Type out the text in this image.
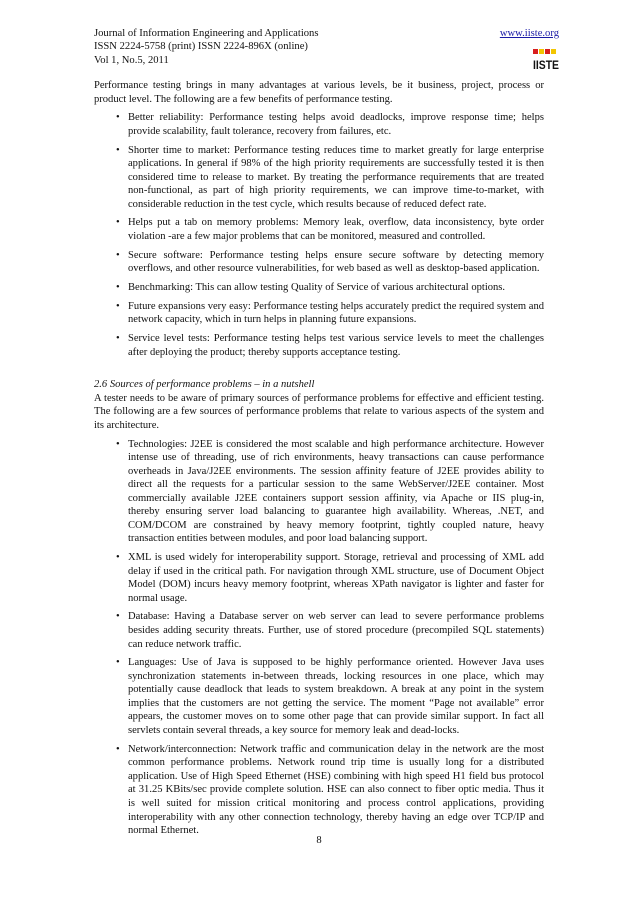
Journal of Information Engineering and Applications
ISSN 2224-5758 (print) ISSN 2224-896X (online)
Vol 1, No.5, 2011
www.iiste.org
IISTE

Performance testing brings in many advantages at various levels, be it business, project, process or product level. The following are a few benefits of performance testing.

• Better reliability: Performance testing helps avoid deadlocks, improve response time; helps provide scalability, fault tolerance, recovery from failures, etc.
• Shorter time to market: Performance testing reduces time to market greatly for large enterprise applications. In general if 98% of the high priority requirements are successfully tested it is then considered time to release to market. By treating the performance requirements that are treated non-functional, as part of high priority requirements, we can improve time-to-market, with considerable reduction in the test cycle, which results because of reduced defect rate.
• Helps put a tab on memory problems: Memory leak, overflow, data inconsistency, byte order violation -are a few major problems that can be monitored, measured and controlled.
• Secure software: Performance testing helps ensure secure software by detecting memory overflows, and other resource vulnerabilities, for web based as well as desktop-based application.
• Benchmarking: This can allow testing Quality of Service of various architectural options.
• Future expansions very easy: Performance testing helps accurately predict the required system and network capacity, which in turn helps in planning future expansions.
• Service level tests: Performance testing helps test various service levels to meet the challenges after deploying the product; thereby supports acceptance testing.

2.6 Sources of performance problems – in a nutshell

A tester needs to be aware of primary sources of performance problems for effective and efficient testing. The following are a few sources of performance problems that relate to various aspects of the system and its architecture.

• Technologies: J2EE is considered the most scalable and high performance architecture. However intense use of threading, use of rich environments, heavy transactions can cause performance overheads in Java/J2EE environments. The session affinity feature of J2EE provides ability to direct all the requests for a particular session to the same WebServer/J2EE container. Most commercially available J2EE containers support session affinity, via Apache or IIS plug-in, thereby ensuring server load balancing to guarantee high availability. Whereas, .NET, and COM/DCOM are constrained by heavy memory footprint, tightly coupled nature, heavy transaction entities between modules, and poor load balancing support.
• XML is used widely for interoperability support. Storage, retrieval and processing of XML add delay if used in the critical path. For navigation through XML structure, use of Document Object Model (DOM) incurs heavy memory footprint, whereas XPath navigator is lighter and faster for normal usage.
• Database: Having a Database server on web server can lead to severe performance problems besides adding security threats. Further, use of stored procedure (precompiled SQL statements) can reduce network traffic.
• Languages: Use of Java is supposed to be highly performance oriented. However Java uses synchronization statements in-between threads, locking resources in one place, which may potentially cause deadlock that leads to system breakdown. A break at any point in the system implies that the customers are not getting the service. The moment “Page not available” error appears, the customer moves on to some other page that can provide similar support. In fact all servlets contain several threads, a key source for memory leak and dead-locks.
• Network/interconnection: Network traffic and communication delay in the network are the most common performance problems. Network round trip time is usually long for a distributed application. Use of High Speed Ethernet (HSE) combining with high speed H1 field bus protocol at 31.25 KBits/sec provide complete solution. HSE can also connect to fiber optic media. Thus it is well suited for mission critical monitoring and process control applications, providing interoperability with any other connection technology, thereby having an edge over TCP/IP and normal Ethernet.
8
